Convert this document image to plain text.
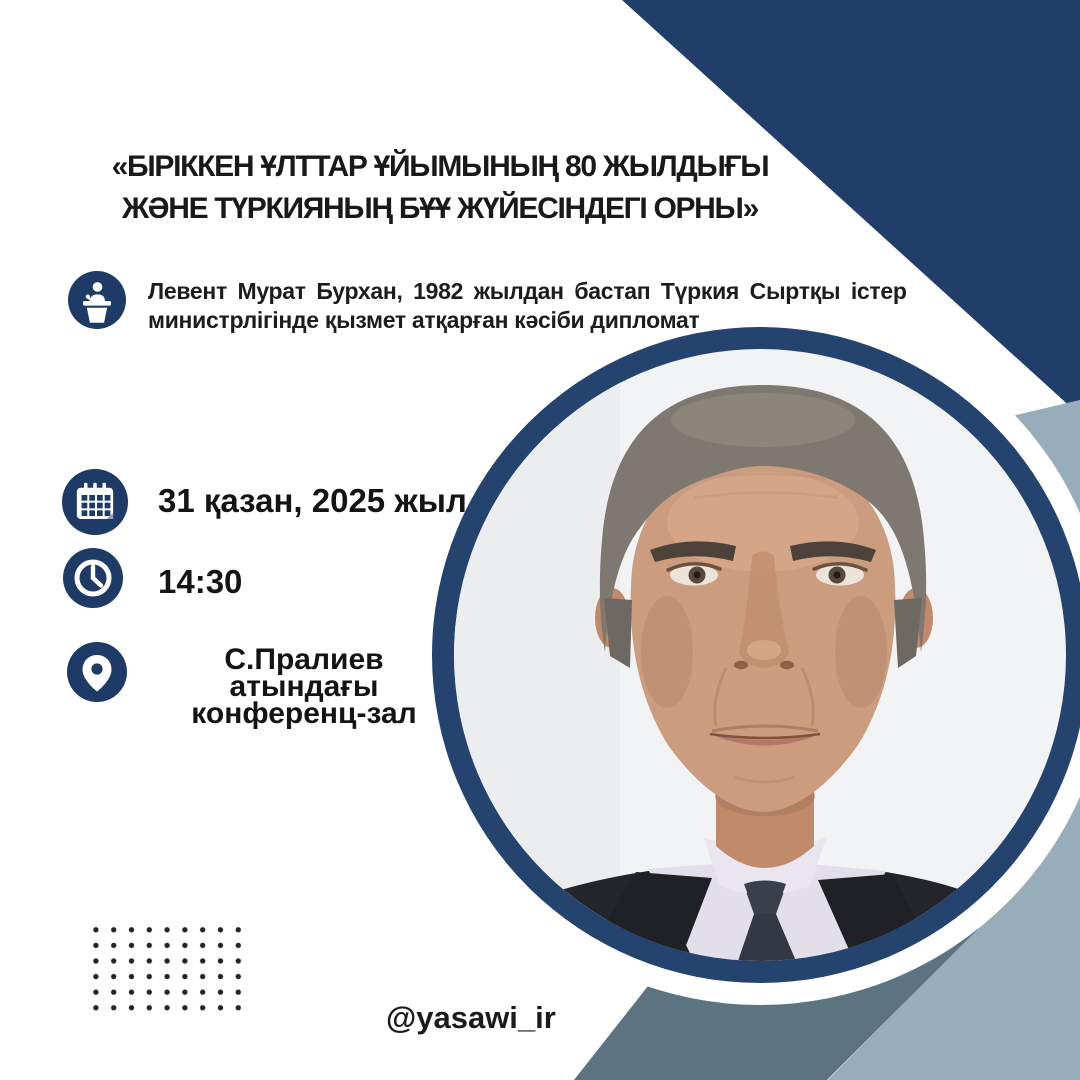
«БІРІККЕН ҰЛТТАР ҰЙЫМЫНЫҢ 80 ЖЫЛДЫҒЫ
ЖӘНЕ ТҮРКИЯНЫҢ БҰҰ ЖҮЙЕСІНДЕГІ ОРНЫ»
Левент Мурат Бурхан, 1982 жылдан бастап Түркия Сыртқы істер
министрлігінде қызмет атқарған кәсіби дипломат
31 қазан, 2025 жыл
14:30
С.Пралиев атындағы
конференц-зал
@yasawi_ir
